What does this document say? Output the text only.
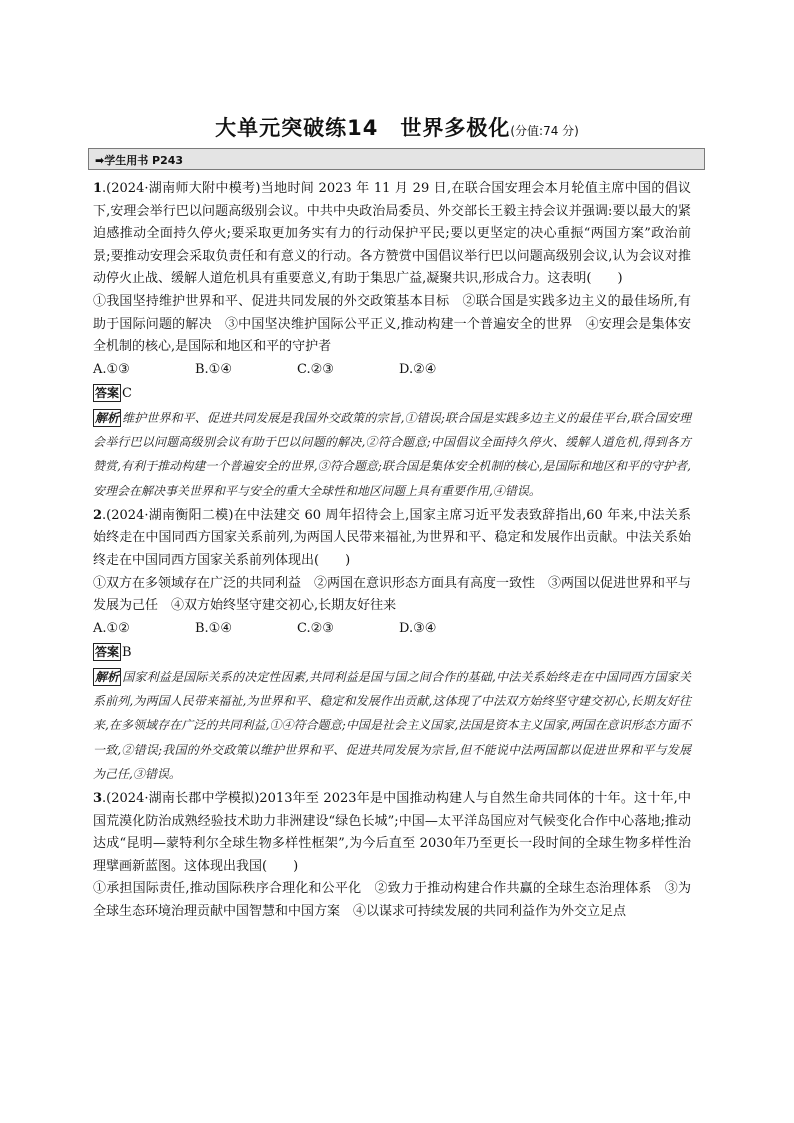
大单元突破练14　世界多极化(分值:74 分)
➡学生用书 P243

1.(2024·湖南师大附中模考)当地时间 2023 年 11 月 29 日,在联合国安理会本月轮值主席中国的倡议下,安理会举行巴以问题高级别会议。中共中央政治局委员、外交部长王毅主持会议并强调:要以最大的紧迫感推动全面持久停火;要采取更加务实有力的行动保护平民;要以更坚定的决心重振“两国方案”政治前景;要推动安理会采取负责任和有意义的行动。各方赞赏中国倡议举行巴以问题高级别会议,认为会议对推动停火止战、缓解人道危机具有重要意义,有助于集思广益,凝聚共识,形成合力。这表明(　　)

①我国坚持维护世界和平、促进共同发展的外交政策基本目标　②联合国是实践多边主义的最佳场所,有助于国际问题的解决　③中国坚决维护国际公平正义,推动构建一个普遍安全的世界　④安理会是集体安全机制的核心,是国际和地区和平的守护者

A.①③	B.①④	C.②③	D.②④

答案 C

解析 维护世界和平、促进共同发展是我国外交政策的宗旨,①错误;联合国是实践多边主义的最佳平台,联合国安理会举行巴以问题高级别会议有助于巴以问题的解决,②符合题意;中国倡议全面持久停火、缓解人道危机,得到各方赞赏,有利于推动构建一个普遍安全的世界,③符合题意;联合国是集体安全机制的核心,是国际和地区和平的守护者,安理会在解决事关世界和平与安全的重大全球性和地区问题上具有重要作用,④错误。

2.(2024·湖南衡阳二模)在中法建交 60 周年招待会上,国家主席习近平发表致辞指出,60 年来,中法关系始终走在中国同西方国家关系前列,为两国人民带来福祉,为世界和平、稳定和发展作出贡献。中法关系始终走在中国同西方国家关系前列体现出(　　)

①双方在多领域存在广泛的共同利益　②两国在意识形态方面具有高度一致性　③两国以促进世界和平与发展为己任　④双方始终坚守建交初心,长期友好往来

A.①②	B.①④	C.②③	D.③④

答案 B

解析 国家利益是国际关系的决定性因素,共同利益是国与国之间合作的基础,中法关系始终走在中国同西方国家关系前列,为两国人民带来福祉,为世界和平、稳定和发展作出贡献,这体现了中法双方始终坚守建交初心,长期友好往来,在多领域存在广泛的共同利益,①④符合题意;中国是社会主义国家,法国是资本主义国家,两国在意识形态方面不一致,②错误;我国的外交政策以维护世界和平、促进共同发展为宗旨,但不能说中法两国都以促进世界和平与发展为己任,③错误。

3.(2024·湖南长郡中学模拟)2013年至 2023年是中国推动构建人与自然生命共同体的十年。这十年,中国荒漠化防治成熟经验技术助力非洲建设“绿色长城”;中国—太平洋岛国应对气候变化合作中心落地;推动达成“昆明—蒙特利尔全球生物多样性框架”,为今后直至 2030年乃至更长一段时间的全球生物多样性治理擘画新蓝图。这体现出我国(　　)

①承担国际责任,推动国际秩序合理化和公平化　②致力于推动构建合作共赢的全球生态治理体系　③为全球生态环境治理贡献中国智慧和中国方案　④以谋求可持续发展的共同利益作为外交立足点
